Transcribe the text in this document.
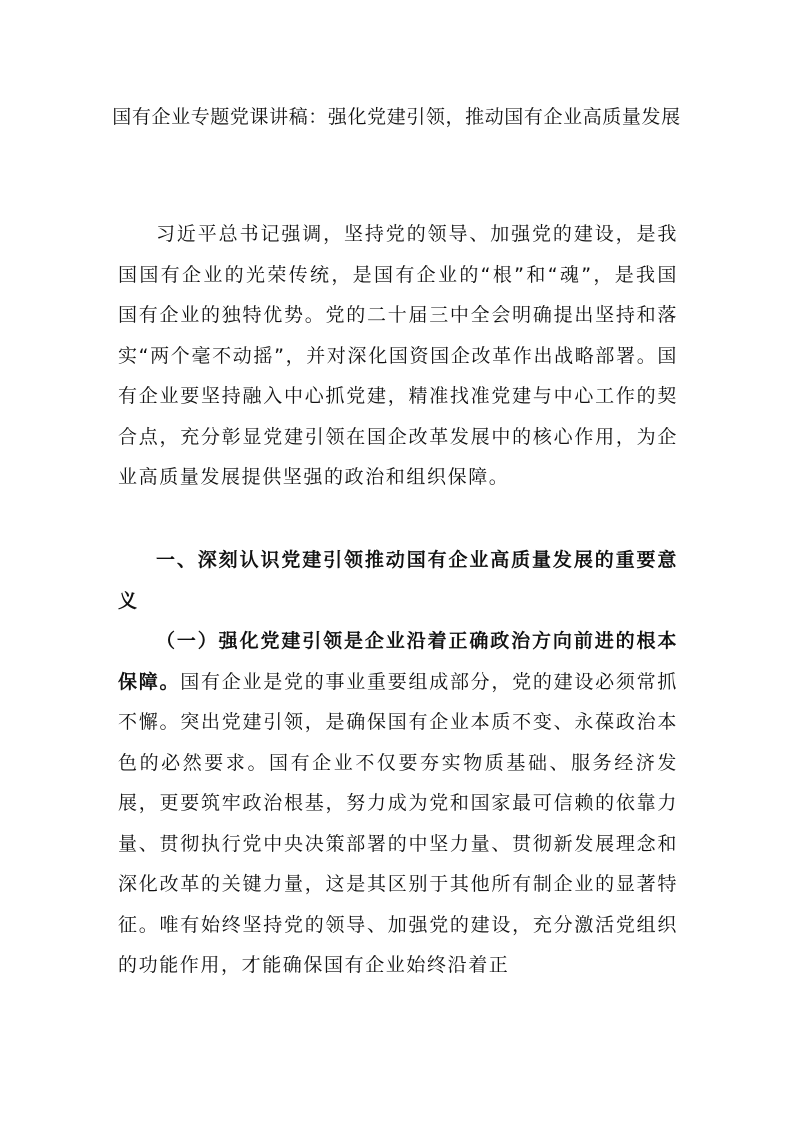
国有企业专题党课讲稿：强化党建引领，推动国有企业高质量发展

习近平总书记强调，坚持党的领导、加强党的建设，是我国国有企业的光荣传统，是国有企业的“根”和“魂”，是我国国有企业的独特优势。党的二十届三中全会明确提出坚持和落实“两个毫不动摇”，并对深化国资国企改革作出战略部署。国有企业要坚持融入中心抓党建，精准找准党建与中心工作的契合点，充分彰显党建引领在国企改革发展中的核心作用，为企业高质量发展提供坚强的政治和组织保障。

一、深刻认识党建引领推动国有企业高质量发展的重要意义

（一）强化党建引领是企业沿着正确政治方向前进的根本保障。国有企业是党的事业重要组成部分，党的建设必须常抓不懈。突出党建引领，是确保国有企业本质不变、永葆政治本色的必然要求。国有企业不仅要夯实物质基础、服务经济发展，更要筑牢政治根基，努力成为党和国家最可信赖的依靠力量、贯彻执行党中央决策部署的中坚力量、贯彻新发展理念和深化改革的关键力量，这是其区别于其他所有制企业的显著特征。唯有始终坚持党的领导、加强党的建设，充分激活党组织的功能作用，才能确保国有企业始终沿着正
